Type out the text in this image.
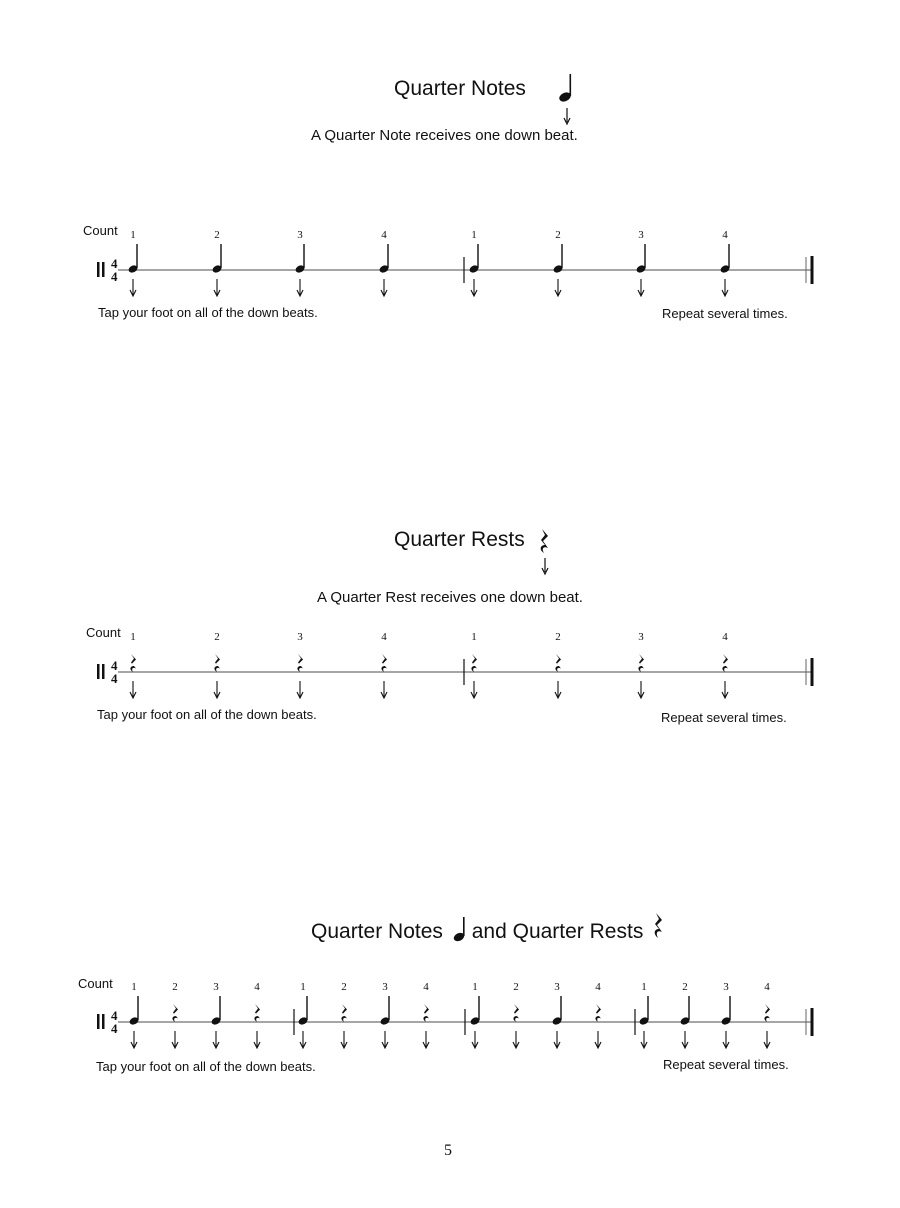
Quarter Notes
A Quarter Note receives one down beat.
Count
4
4
1	2	3	4	1	2	3	4
Tap your foot on all of the down beats.	Repeat several times.
Quarter Rests
A Quarter Rest receives one down beat.
Count
4
4
1	2	3	4	1	2	3	4
Tap your foot on all of the down beats.	Repeat several times.
Quarter Notes and Quarter Rests
Count
4
4
1	2	3	4	1	2	3	4	1	2	3	4	1	2	3	4
Tap your foot on all of the down beats.	Repeat several times.
5
